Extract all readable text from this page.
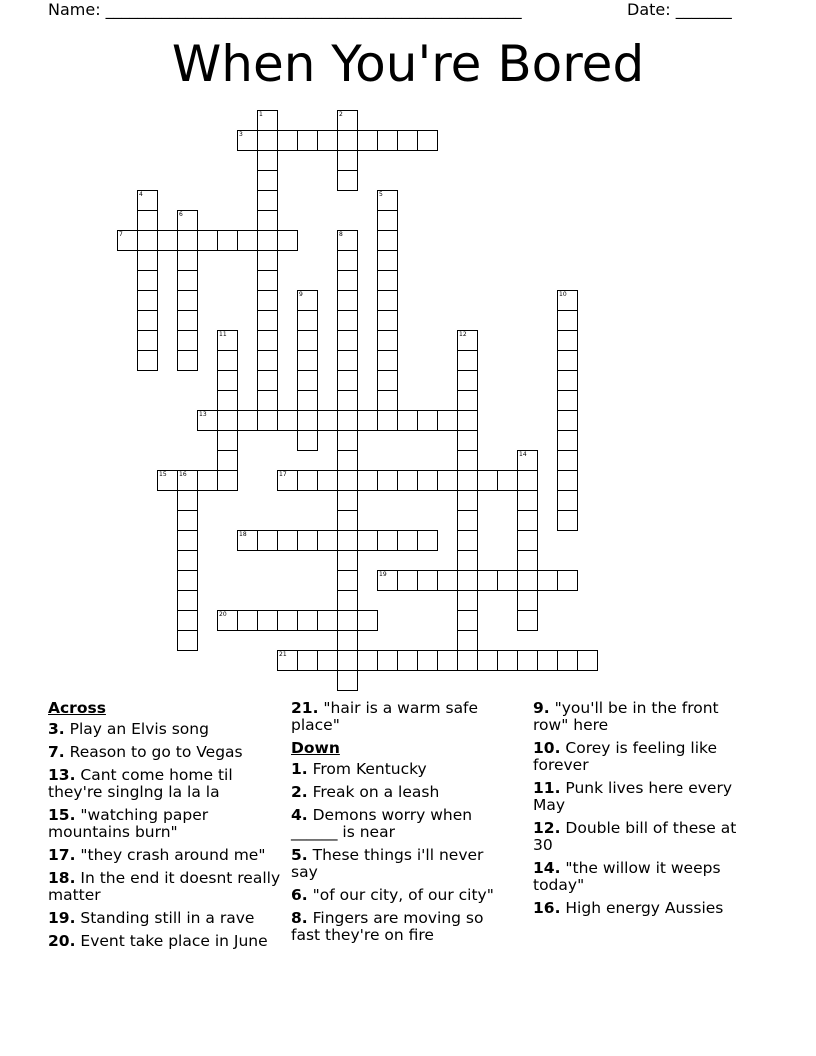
Name: ____________________________________________________	Date: _______
When You're Bored
1	2
3
4	5
6
7	8
9	10
11	12
13
14
15 16	17
18
19
20
21
Across
3. Play an Elvis song
7. Reason to go to Vegas
13. Cant come home til they're singlng la la la
15. "watching paper mountains burn"
17. "they crash around me"
18. In the end it doesnt really matter
19. Standing still in a rave
20. Event take place in June
21. "hair is a warm safe place"
Down
1. From Kentucky
2. Freak on a leash
4. Demons worry when ______ is near
5. These things i'll never say
6. "of our city, of our city"
8. Fingers are moving so fast they're on fire
9. "you'll be in the front row" here
10. Corey is feeling like forever
11. Punk lives here every May
12. Double bill of these at 30
14. "the willow it weeps today"
16. High energy Aussies
